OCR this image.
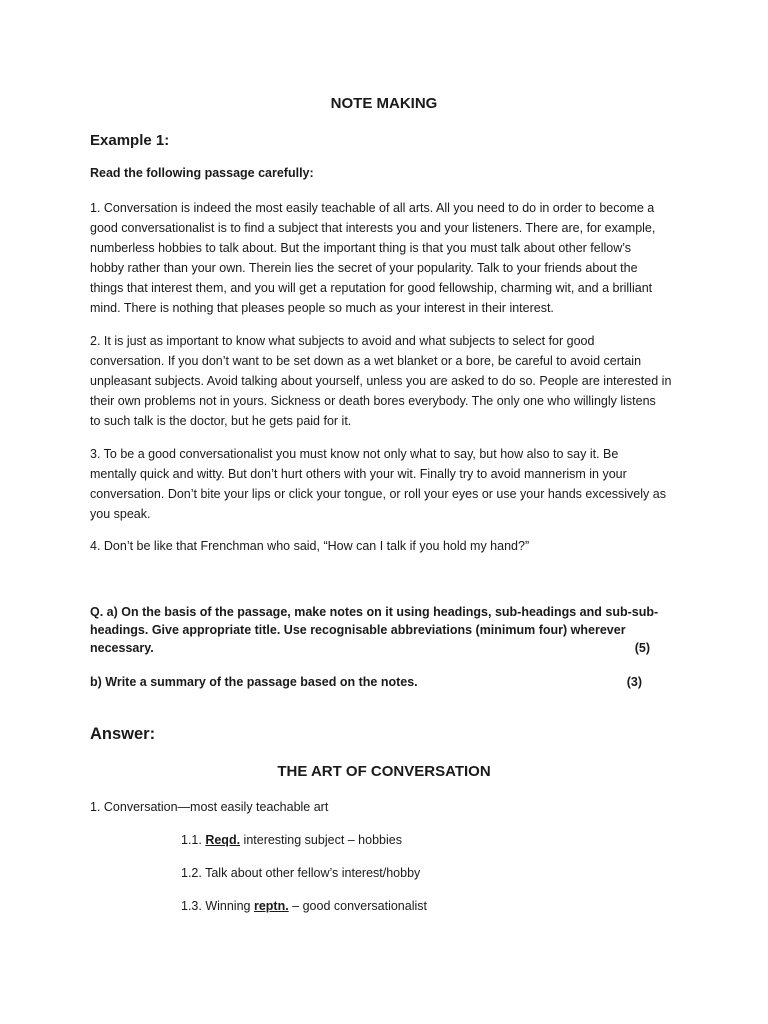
NOTE MAKING
Example 1:
Read the following passage carefully:
1. Conversation is indeed the most easily teachable of all arts. All you need to do in order to become a
good conversationalist is to find a subject that interests you and your listeners. There are, for example,
numberless hobbies to talk about. But the important thing is that you must talk about other fellow’s
hobby rather than your own. Therein lies the secret of your popularity. Talk to your friends about the
things that interest them, and you will get a reputation for good fellowship, charming wit, and a brilliant
mind. There is nothing that pleases people so much as your interest in their interest.
2. It is just as important to know what subjects to avoid and what subjects to select for good
conversation. If you don’t want to be set down as a wet blanket or a bore, be careful to avoid certain
unpleasant subjects. Avoid talking about yourself, unless you are asked to do so. People are interested in
their own problems not in yours. Sickness or death bores everybody. The only one who willingly listens
to such talk is the doctor, but he gets paid for it.
3. To be a good conversationalist you must know not only what to say, but how also to say it. Be
mentally quick and witty. But don’t hurt others with your wit. Finally try to avoid mannerism in your
conversation. Don’t bite your lips or click your tongue, or roll your eyes or use your hands excessively as
you speak.
4. Don’t be like that Frenchman who said, “How can I talk if you hold my hand?”
Q. a) On the basis of the passage, make notes on it using headings, sub-headings and sub-sub-
headings. Give appropriate title. Use recognisable abbreviations (minimum four) wherever
necessary.	(5)
b) Write a summary of the passage based on the notes.	(3)
Answer:
THE ART OF CONVERSATION
1. Conversation—most easily teachable art
1.1. Reqd. interesting subject – hobbies
1.2. Talk about other fellow’s interest/hobby
1.3. Winning reptn. – good conversationalist
